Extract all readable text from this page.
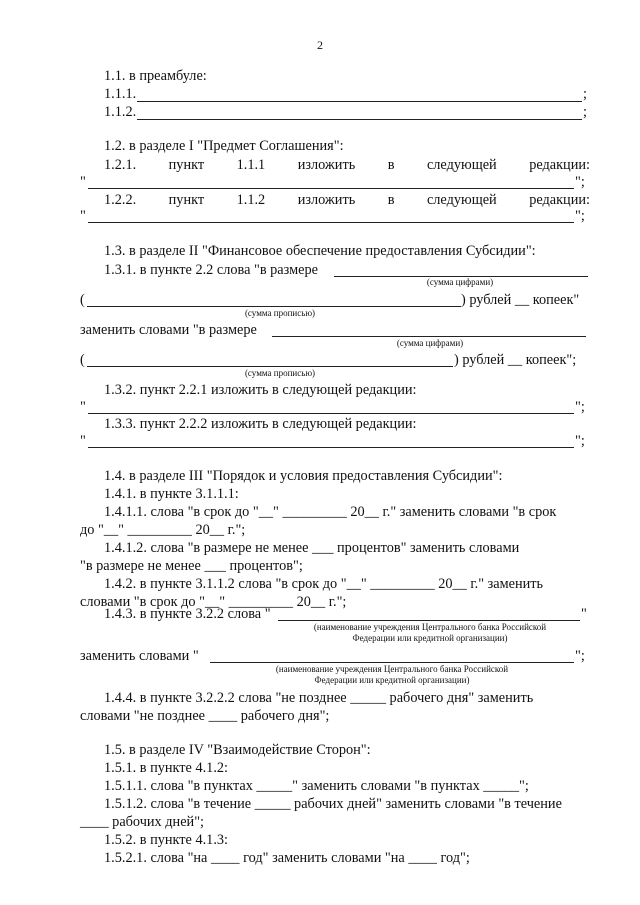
2
1.1. в преамбуле:
1.1.1.	;
1.1.2.	;
1.2. в разделе I "Предмет Соглашения":
1.2.1. пункт 1.1.1 изложить в следующей редакции:
"	";
1.2.2. пункт 1.1.2 изложить в следующей редакции:
"	";
1.3. в разделе II "Финансовое обеспечение предоставления Субсидии":
1.3.1. в пункте 2.2 слова "в размере
(сумма цифрами)
(	) рублей __ копеек"
(сумма прописью)
заменить словами "в размере
(сумма цифрами)
(	) рублей __ копеек";
(сумма прописью)
1.3.2. пункт 2.2.1 изложить в следующей редакции:
"	";
1.3.3. пункт 2.2.2 изложить в следующей редакции:
"	";
1.4. в разделе III "Порядок и условия предоставления Субсидии":
1.4.1. в пункте 3.1.1.1:
1.4.1.1. слова "в срок до "__" _________ 20__ г." заменить словами "в срок
до "__" _________ 20__ г.";
1.4.1.2. слова "в размере не менее ___ процентов" заменить словами
"в размере не менее ___ процентов";
1.4.2. в пункте 3.1.1.2 слова "в срок до "__" _________ 20__ г." заменить
словами "в срок до "__" _________ 20__ г.";
1.4.3. в пункте 3.2.2 слова "	"
(наименование учреждения Центрального банка Российской
Федерации или кредитной организации)
заменить словами "	";
(наименование учреждения Центрального банка Российской
Федерации или кредитной организации)
1.4.4. в пункте 3.2.2.2 слова "не позднее _____ рабочего дня" заменить
словами "не позднее ____ рабочего дня";
1.5. в разделе IV "Взаимодействие Сторон":
1.5.1. в пункте 4.1.2:
1.5.1.1. слова "в пунктах _____" заменить словами "в пунктах _____";
1.5.1.2. слова "в течение _____ рабочих дней" заменить словами "в течение
____ рабочих дней";
1.5.2. в пункте 4.1.3:
1.5.2.1. слова "на ____ год" заменить словами "на ____ год";
